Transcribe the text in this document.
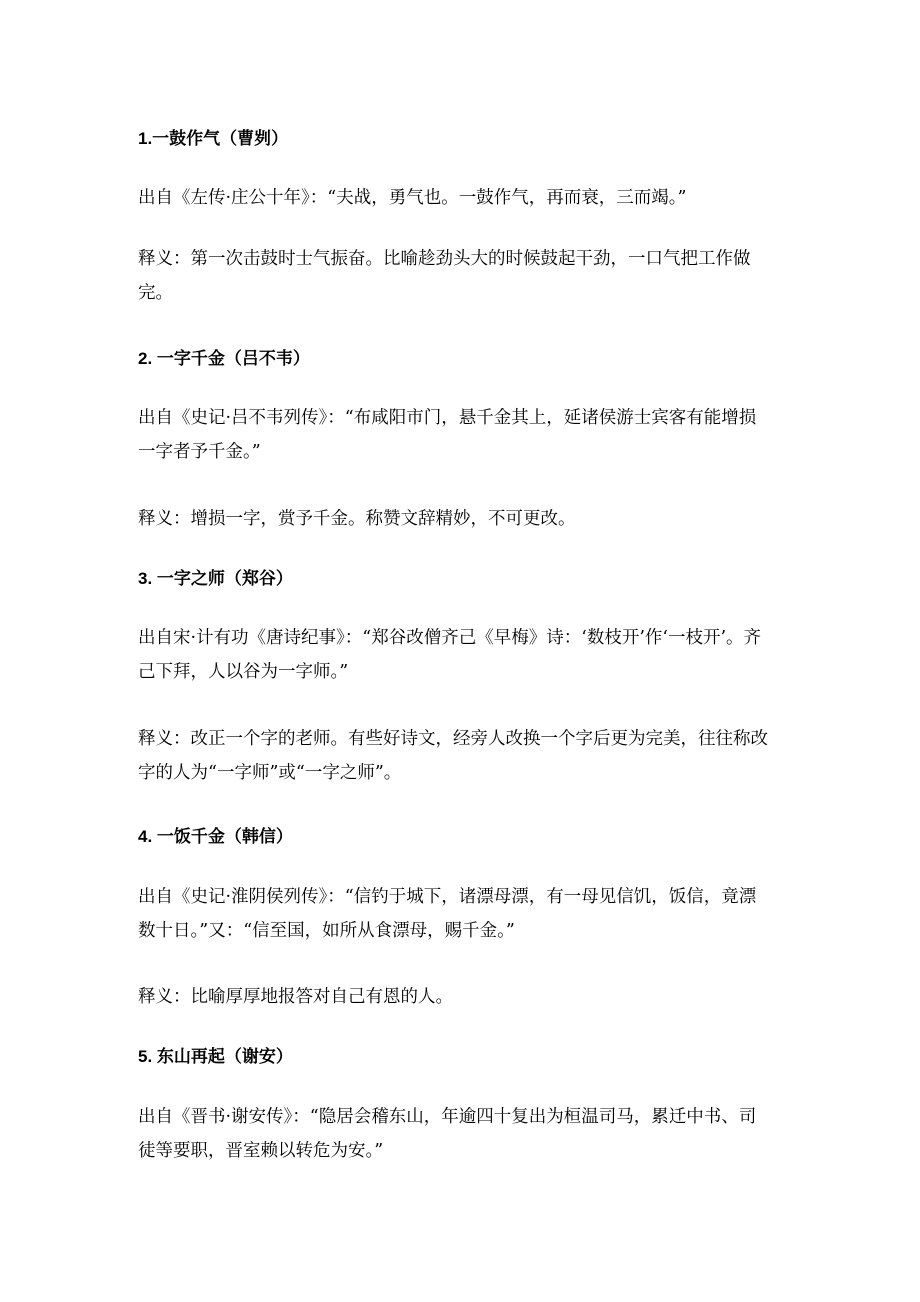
1.一鼓作气（曹刿）
出自《左传·庄公十年》：“夫战，勇气也。一鼓作气，再而衰，三而竭。”
释义：第一次击鼓时士气振奋。比喻趁劲头大的时候鼓起干劲，一口气把工作做
完。
2. 一字千金（吕不韦）
出自《史记·吕不韦列传》：“布咸阳市门，悬千金其上，延诸侯游士宾客有能增损
一字者予千金。”
释义：增损一字，赏予千金。称赞文辞精妙，不可更改。
3. 一字之师（郑谷）
出自宋·计有功《唐诗纪事》：“郑谷改僧齐己《早梅》诗：‘数枝开’作‘一枝开’。齐
己下拜，人以谷为一字师。”
释义：改正一个字的老师。有些好诗文，经旁人改换一个字后更为完美，往往称改
字的人为“一字师”或“一字之师”。
4. 一饭千金（韩信）
出自《史记·淮阴侯列传》：“信钓于城下，诸漂母漂，有一母见信饥，饭信，竟漂
数十日。”又：“信至国，如所从食漂母，赐千金。”
释义：比喻厚厚地报答对自己有恩的人。
5. 东山再起（谢安）
出自《晋书·谢安传》：“隐居会稽东山，年逾四十复出为桓温司马，累迁中书、司
徒等要职，晋室赖以转危为安。”
